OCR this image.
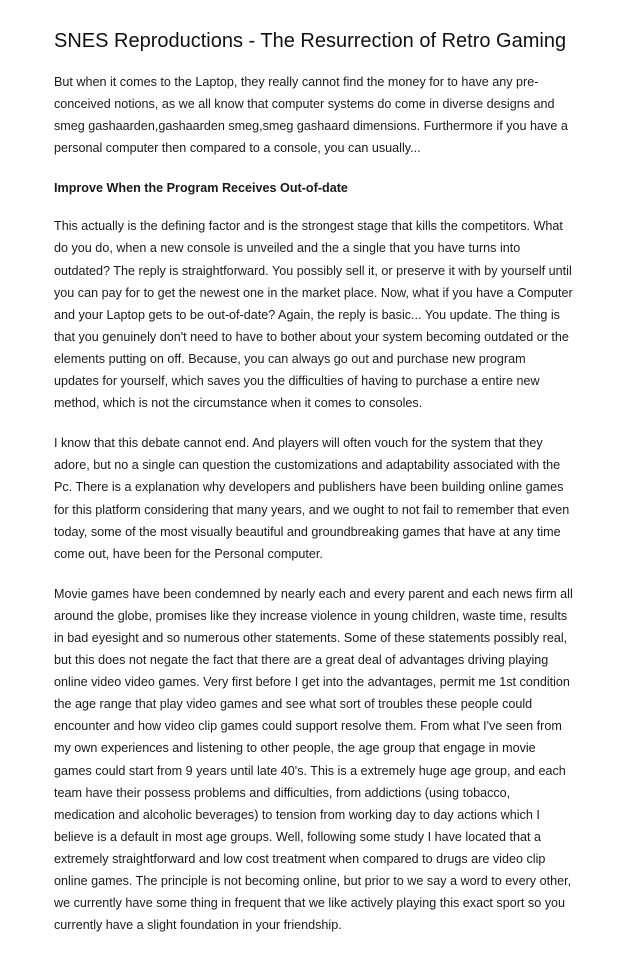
SNES Reproductions - The Resurrection of Retro Gaming

But when it comes to the Laptop, they really cannot find the money for to have any pre-
conceived notions, as we all know that computer systems do come in diverse designs and
smeg gashaarden,gashaarden smeg,smeg gashaard dimensions. Furthermore if you have a
personal computer then compared to a console, you can usually...

Improve When the Program Receives Out-of-date

This actually is the defining factor and is the strongest stage that kills the competitors. What
do you do, when a new console is unveiled and the a single that you have turns into
outdated? The reply is straightforward. You possibly sell it, or preserve it with by yourself until
you can pay for to get the newest one in the market place. Now, what if you have a Computer
and your Laptop gets to be out-of-date? Again, the reply is basic... You update. The thing is
that you genuinely don't need to have to bother about your system becoming outdated or the
elements putting on off. Because, you can always go out and purchase new program
updates for yourself, which saves you the difficulties of having to purchase a entire new
method, which is not the circumstance when it comes to consoles.

I know that this debate cannot end. And players will often vouch for the system that they
adore, but no a single can question the customizations and adaptability associated with the
Pc. There is a explanation why developers and publishers have been building online games
for this platform considering that many years, and we ought to not fail to remember that even
today, some of the most visually beautiful and groundbreaking games that have at any time
come out, have been for the Personal computer.

Movie games have been condemned by nearly each and every parent and each news firm all
around the globe, promises like they increase violence in young children, waste time, results
in bad eyesight and so numerous other statements. Some of these statements possibly real,
but this does not negate the fact that there are a great deal of advantages driving playing
online video video games. Very first before I get into the advantages, permit me 1st condition
the age range that play video games and see what sort of troubles these people could
encounter and how video clip games could support resolve them. From what I've seen from
my own experiences and listening to other people, the age group that engage in movie
games could start from 9 years until late 40's. This is a extremely huge age group, and each
team have their possess problems and difficulties, from addictions (using tobacco,
medication and alcoholic beverages) to tension from working day to day actions which I
believe is a default in most age groups. Well, following some study I have located that a
extremely straightforward and low cost treatment when compared to drugs are video clip
online games. The principle is not becoming online, but prior to we say a word to every other,
we currently have some thing in frequent that we like actively playing this exact sport so you
currently have a slight foundation in your friendship.
